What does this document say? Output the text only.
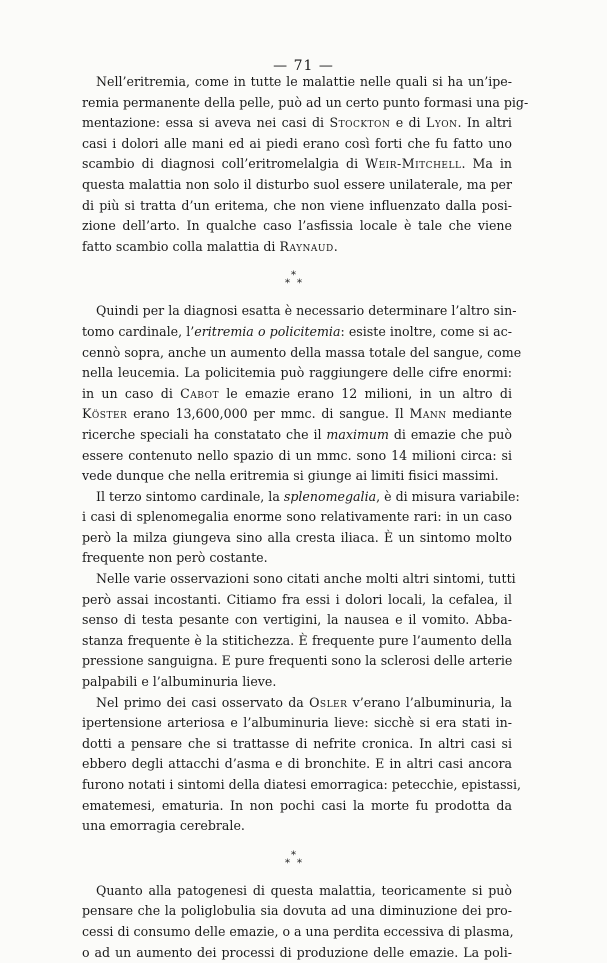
— 71 —
Nell’eritremia, come in tutte le malattie nelle quali si ha un’ipe-
remia permanente della pelle, può ad un certo punto formasi una pig-
mentazione: essa si aveva nei casi di Stockton e di Lyon. In altri
casi i dolori alle mani ed ai piedi erano così forti che fu fatto uno
scambio di diagnosi coll’eritromelalgia di Weir-Mitchell. Ma in
questa malattia non solo il disturbo suol essere unilaterale, ma per
di più si tratta d’un eritema, che non viene influenzato dalla posi-
zione dell’arto. In qualche caso l’asfissia locale è tale che viene
fatto scambio colla malattia di Raynaud.
*
* *
Quindi per la diagnosi esatta è necessario determinare l’altro sin-
tomo cardinale, l’eritremia o policitemia: esiste inoltre, come si ac-
cennò sopra, anche un aumento della massa totale del sangue, come
nella leucemia. La policitemia può raggiungere delle cifre enormi:
in un caso di Cabot le emazie erano 12 milioni, in un altro di
Köster erano 13,600,000 per mmc. di sangue. Il Mann mediante
ricerche speciali ha constatato che il maximum di emazie che può
essere contenuto nello spazio di un mmc. sono 14 milioni circa: si
vede dunque che nella eritremia si giunge ai limiti fisici massimi.
Il terzo sintomo cardinale, la splenomegalia, è di misura variabile:
i casi di splenomegalia enorme sono relativamente rari: in un caso
però la milza giungeva sino alla cresta iliaca. È un sintomo molto
frequente non però costante.
Nelle varie osservazioni sono citati anche molti altri sintomi, tutti
però assai incostanti. Citiamo fra essi i dolori locali, la cefalea, il
senso di testa pesante con vertigini, la nausea e il vomito. Abba-
stanza frequente è la stitichezza. È frequente pure l’aumento della
pressione sanguigna. E pure frequenti sono la sclerosi delle arterie
palpabili e l’albuminuria lieve.
Nel primo dei casi osservato da Osler v’erano l’albuminuria, la
ipertensione arteriosa e l’albuminuria lieve: sicchè si era stati in-
dotti a pensare che si trattasse di nefrite cronica. In altri casi si
ebbero degli attacchi d’asma e di bronchite. E in altri casi ancora
furono notati i sintomi della diatesi emorragica: petecchie, epistassi,
ematemesi, ematuria. In non pochi casi la morte fu prodotta da
una emorragia cerebrale.
*
* *
Quanto alla patogenesi di questa malattia, teoricamente si può
pensare che la poliglobulia sia dovuta ad una diminuzione dei pro-
cessi di consumo delle emazie, o a una perdita eccessiva di plasma,
o ad un aumento dei processi di produzione delle emazie. La poli-
